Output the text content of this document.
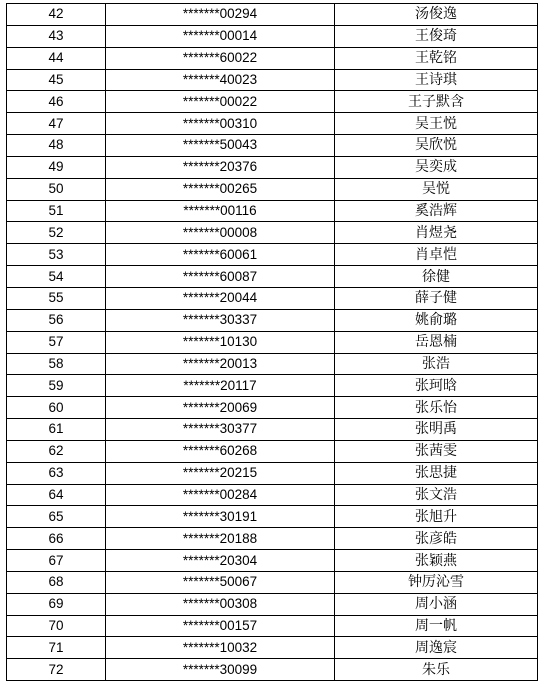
42	*******00294	汤俊逸
43	*******00014	王俊琦
44	*******60022	王乾铭
45	*******40023	王诗琪
46	*******00022	王子默含
47	*******00310	吴王悦
48	*******50043	吴欣悦
49	*******20376	吴奕成
50	*******00265	吴悦
51	*******00116	奚浩辉
52	*******00008	肖煜尧
53	*******60061	肖卓恺
54	*******60087	徐健
55	*******20044	薛子健
56	*******30337	姚俞璐
57	*******10130	岳恩楠
58	*******20013	张浩
59	*******20117	张珂晗
60	*******20069	张乐怡
61	*******30377	张明禹
62	*******60268	张茜雯
63	*******20215	张思捷
64	*******00284	张文浩
65	*******30191	张旭升
66	*******20188	张彦皓
67	*******20304	张颖燕
68	*******50067	钟厉沁雪
69	*******00308	周小涵
70	*******00157	周一帆
71	*******10032	周逸宸
72	*******30099	朱乐
